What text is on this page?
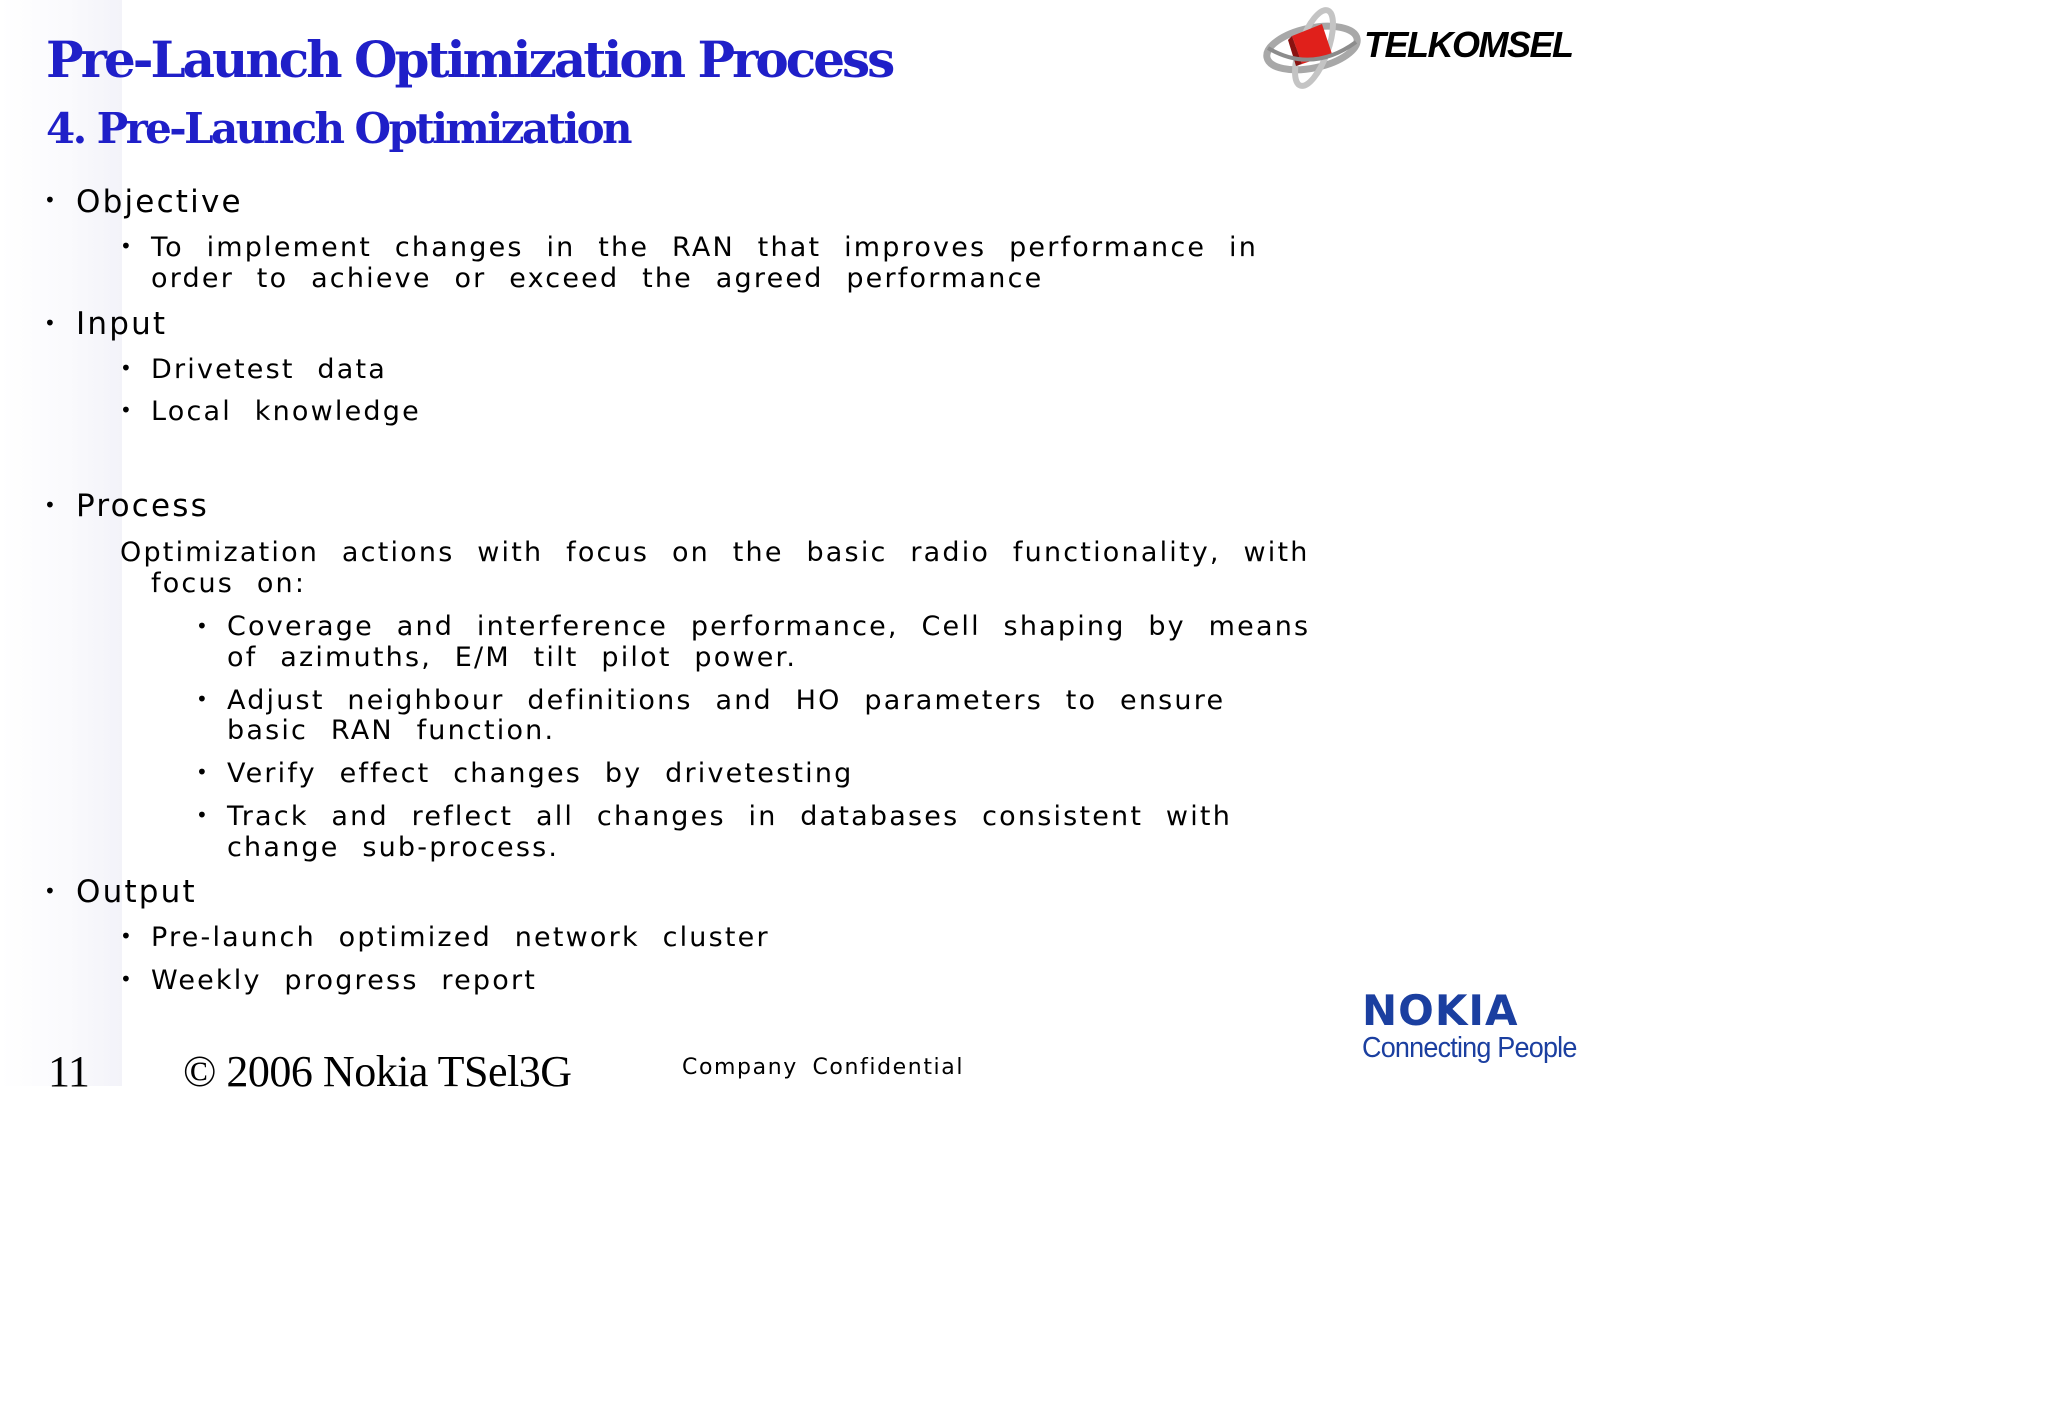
Pre-Launch Optimization Process
4. Pre-Launch Optimization
TELKOMSEL
• Objective
• To implement changes in the RAN that improves performance in
order to achieve or exceed the agreed performance
• Input
• Drivetest data
• Local knowledge
• Process
Optimization actions with focus on the basic radio functionality, with
focus on:
• Coverage and interference performance, Cell shaping by means
of azimuths, E/M tilt pilot power.
• Adjust neighbour definitions and HO parameters to ensure
basic RAN function.
• Verify effect changes by drivetesting
• Track and reflect all changes in databases consistent with
change sub-process.
• Output
• Pre-launch optimized network cluster
• Weekly progress report
11 © 2006 Nokia TSel3G	Company Confidential
NOKIA
Connecting People
